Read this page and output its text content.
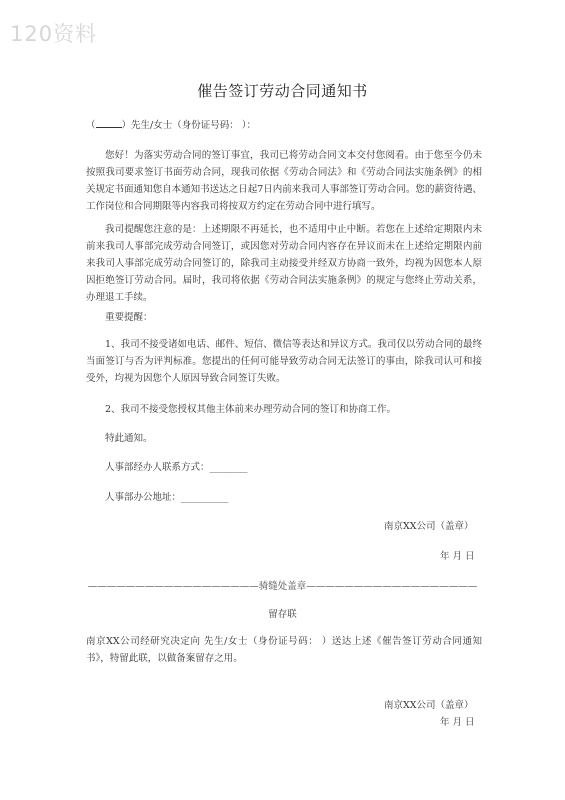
120资料
催告签订劳动合同通知书
（	）先生/女士（身份证号码： ）：
您好！为落实劳动合同的签订事宜，我司已将劳动合同文本交付您阅看。由于您至今仍未按照我司要求签订书面劳动合同，现我司依据《劳动合同法》和《劳动合同法实施条例》的相关规定书面通知您自本通知书送达之日起7日内前来我司人事部签订劳动合同。您的薪资待遇、工作岗位和合同期限等内容我司将按双方约定在劳动合同中进行填写。
我司提醒您注意的是：上述期限不再延长，也不适用中止中断。若您在上述给定期限内未前来我司人事部完成劳动合同签订，或因您对劳动合同内容存在异议而未在上述给定期限内前来我司人事部完成劳动合同签订的，除我司主动接受并经双方协商一致外，均视为因您本人原因拒绝签订劳动合同。届时，我司将依据《劳动合同法实施条例》的规定与您终止劳动关系，办理退工手续。
重要提醒：
1、我司不接受诸如电话、邮件、短信、微信等表达和异议方式。我司仅以劳动合同的最终当面签订与否为评判标准。您提出的任何可能导致劳动合同无法签订的事由，除我司认可和接受外，均视为因您个人原因导致合同签订失败。
2、我司不接受您授权其他主体前来办理劳动合同的签订和协商工作。
特此通知。
人事部经办人联系方式：________
人事部办公地址：__________
南京XX公司（盖章）
年 月 日
——————————————————骑缝处盖章——————————————————
留存联
南京XX公司经研究决定向 先生/女士（身份证号码： ）送达上述《催告签订劳动合同通知书》，特留此联，以做备案留存之用。
南京XX公司（盖章）
年 月 日
